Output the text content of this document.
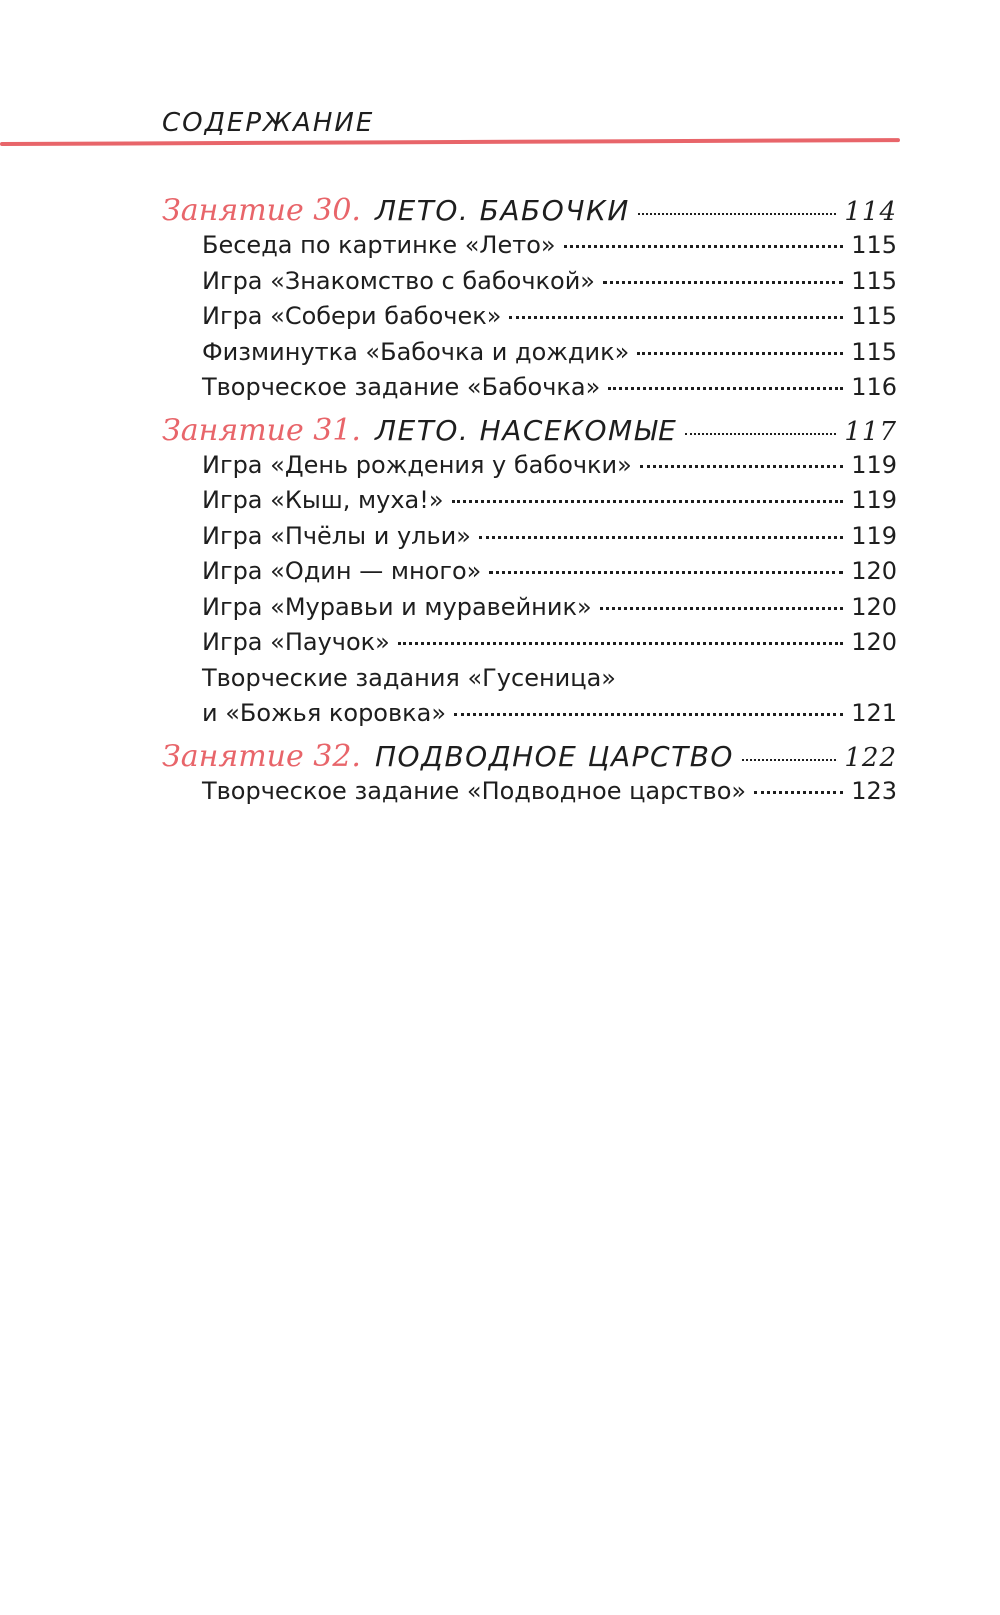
СОДЕРЖАНИЕ
Занятие 30. ЛЕТО. БАБОЧКИ	114
Беседа по картинке «Лето»	115
Игра «Знакомство с бабочкой»	115
Игра «Собери бабочек»	115
Физминутка «Бабочка и дождик»	115
Творческое задание «Бабочка»	116
Занятие 31. ЛЕТО. НАСЕКОМЫЕ	117
Игра «День рождения у бабочки»	119
Игра «Кыш, муха!»	119
Игра «Пчёлы и ульи»	119
Игра «Один — много»	120
Игра «Муравьи и муравейник»	120
Игра «Паучок»	120
Творческие задания «Гусеница»
и «Божья коровка»	121
Занятие 32. ПОДВОДНОЕ ЦАРСТВО	122
Творческое задание «Подводное царство»	123
